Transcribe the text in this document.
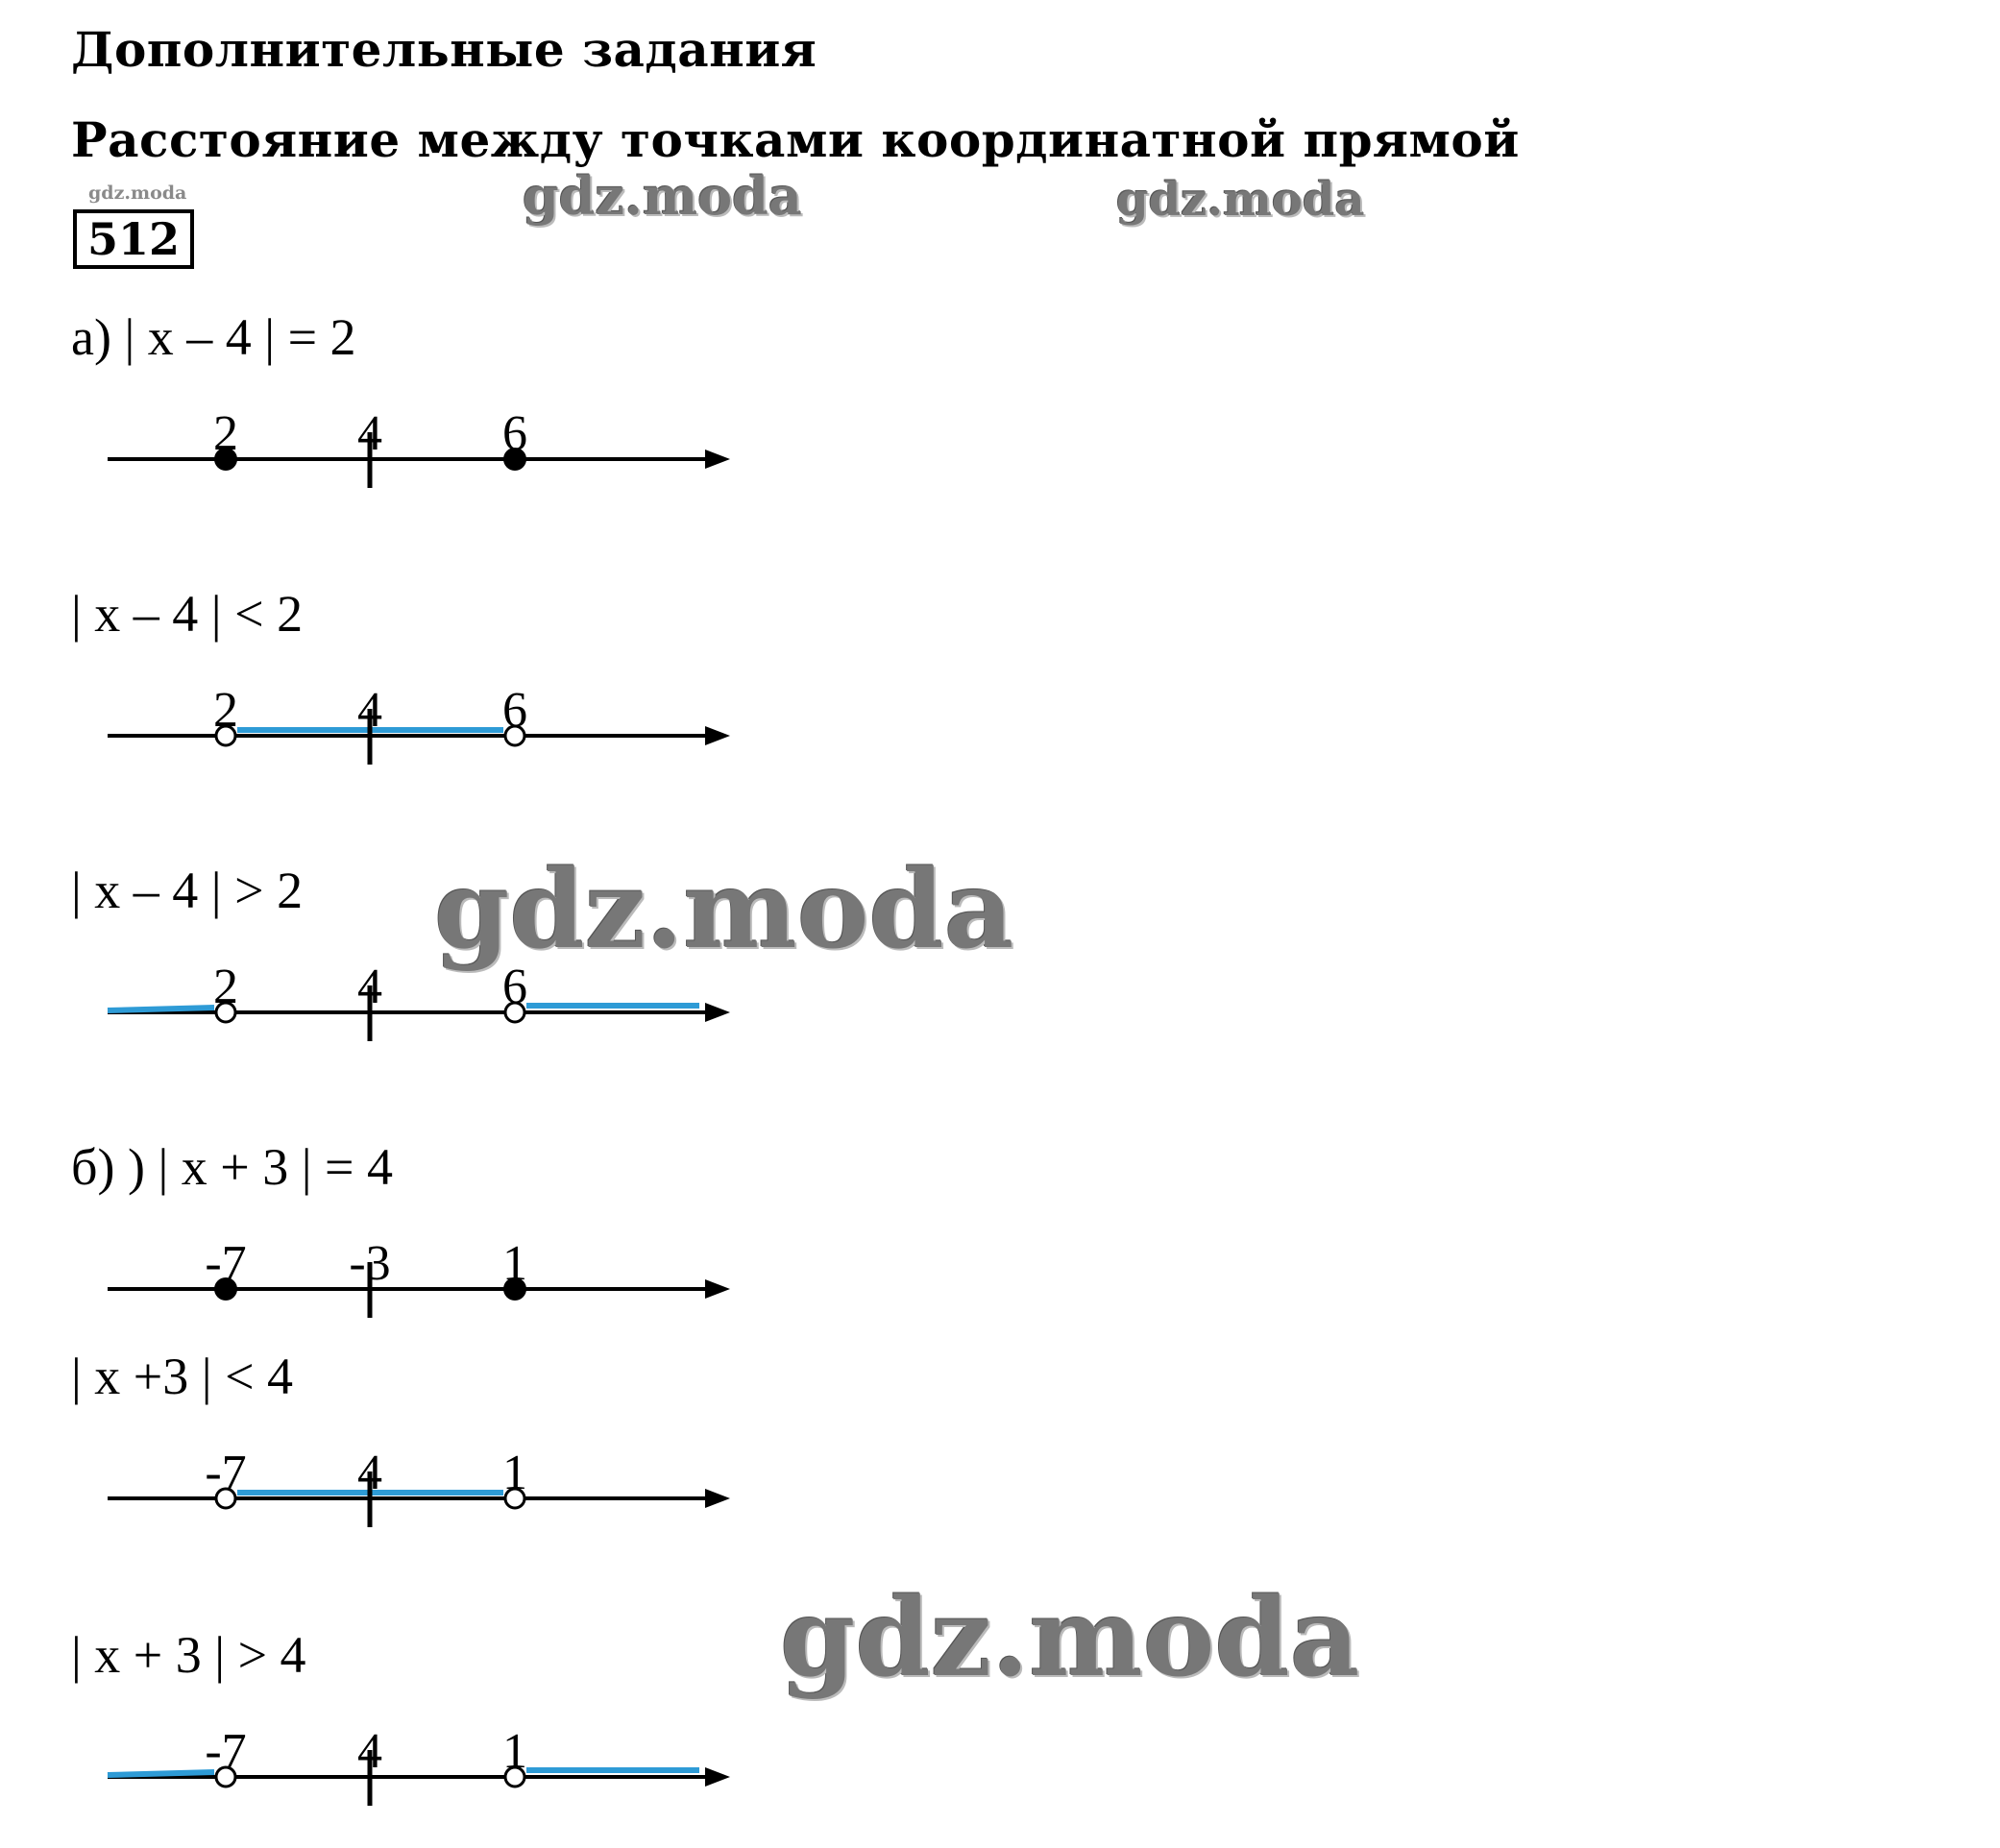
Дополнительные задания
Расстояние между точками координатной прямой
gdz.moda
512
gdz.moda	gdz.moda
gdz.moda
gdz.moda
а) | x – 4 | = 2
2 4 6
| x – 4 | < 2
2 4 6
| x – 4 | > 2
2 4 6
б) ) | x + 3 | = 4
-7 -3 1
| x +3 | < 4
-7 4 1
| x + 3 | > 4
-7 4 1
